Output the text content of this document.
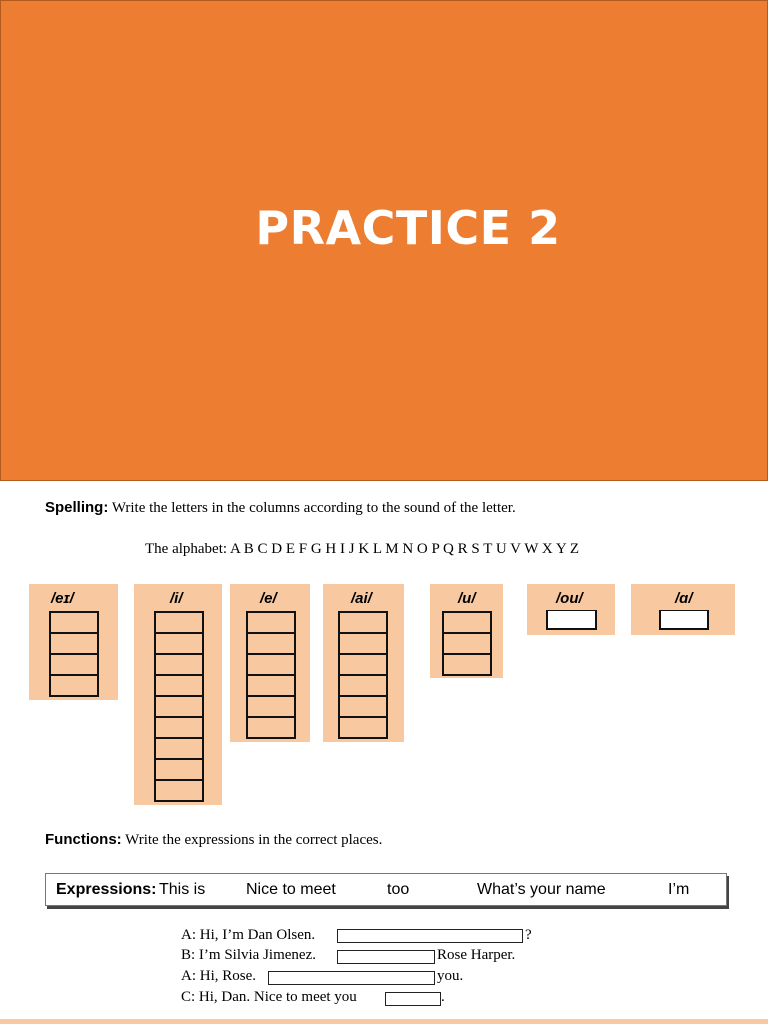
PRACTICE 2
Spelling: Write the letters in the columns according to the sound of the letter.
The alphabet: A B C D E F G H I J K L M N O P Q R S T U V W X Y Z
/eɪ/	/i/	/e/	/ai/	/u/	/ou/	/ɑ/
Functions: Write the expressions in the correct places.
Expressions: This is	Nice to meet	too	What’s your name	I’m
A: Hi, I’m Dan Olsen.	?
B: I’m Silvia Jimenez.	Rose Harper.
A: Hi, Rose.	you.
C: Hi, Dan. Nice to meet you	.
